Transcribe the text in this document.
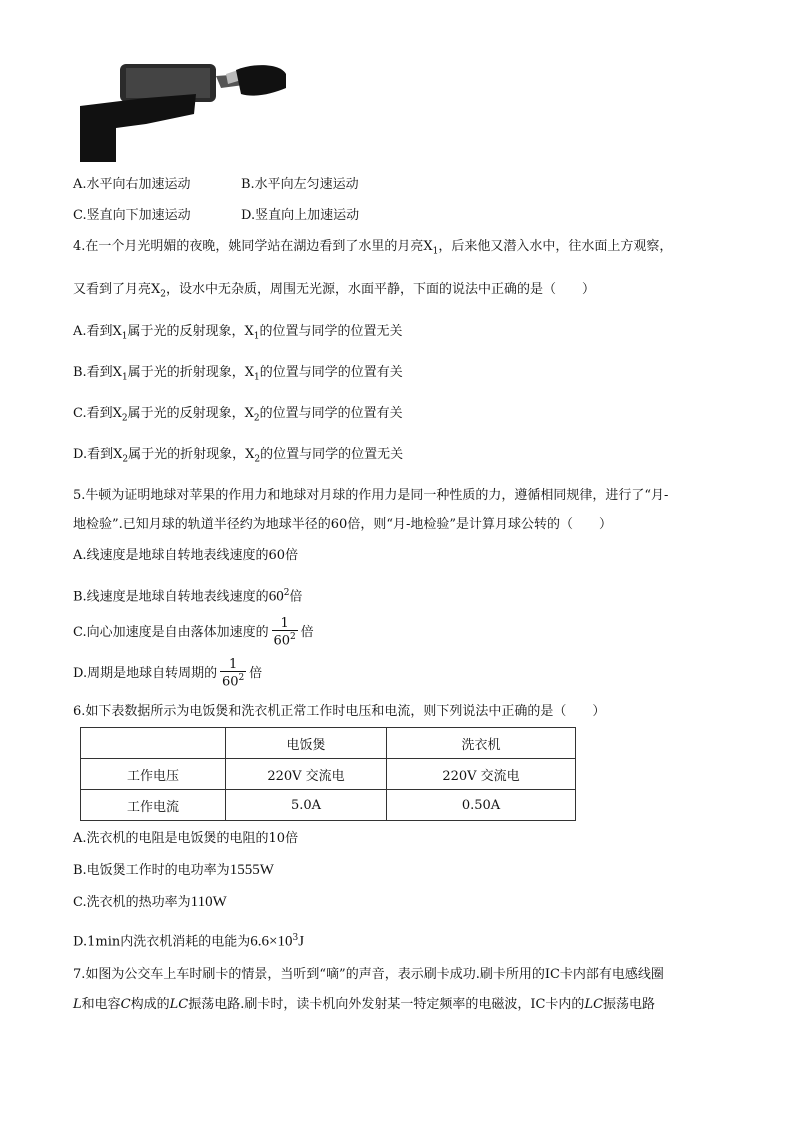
A.水平向右加速运动	B.水平向左匀速运动
C.竖直向下加速运动	D.竖直向上加速运动
4.在一个月光明媚的夜晚，姚同学站在湖边看到了水里的月亮$X_1$，后来他又潜入水中，往水面上方观察，
又看到了月亮$X_2$，设水中无杂质，周围无光源，水面平静，下面的说法中正确的是（　　）
A.看到$X_1$属于光的反射现象，$X_1$的位置与同学的位置无关
B.看到$X_1$属于光的折射现象，$X_1$的位置与同学的位置有关
C.看到$X_2$属于光的反射现象，$X_2$的位置与同学的位置有关
D.看到$X_2$属于光的折射现象，$X_2$的位置与同学的位置无关
5.牛顿为证明地球对苹果的作用力和地球对月球的作用力是同一种性质的力，遵循相同规律，进行了“月-
地检验”.已知月球的轨道半径约为地球半径的60倍，则“月-地检验”是计算月球公转的（　　）
A.线速度是地球自转地表线速度的60倍
B.线速度是地球自转地表线速度的$60^2$倍
C.向心加速度是自由落体加速度的 $\frac{1}{60^2}$ 倍
D.周期是地球自转周期的 $\frac{1}{60^2}$ 倍
6.如下表数据所示为电饭煲和洗衣机正常工作时电压和电流，则下列说法中正确的是（　　）
	电饭煲	洗衣机
工作电压	220V 交流电	220V 交流电
工作电流	5.0A	0.50A
A.洗衣机的电阻是电饭煲的电阻的10倍
B.电饭煲工作时的电功率为1555W
C.洗衣机的热功率为110W
D.1min内洗衣机消耗的电能为$6.6\times 10^3J$
7.如图为公交车上车时刷卡的情景，当听到“嘀”的声音，表示刷卡成功.刷卡所用的IC卡内部有电感线圈
L和电容C构成的LC振荡电路.刷卡时，读卡机向外发射某一特定频率的电磁波，IC卡内的LC振荡电路
